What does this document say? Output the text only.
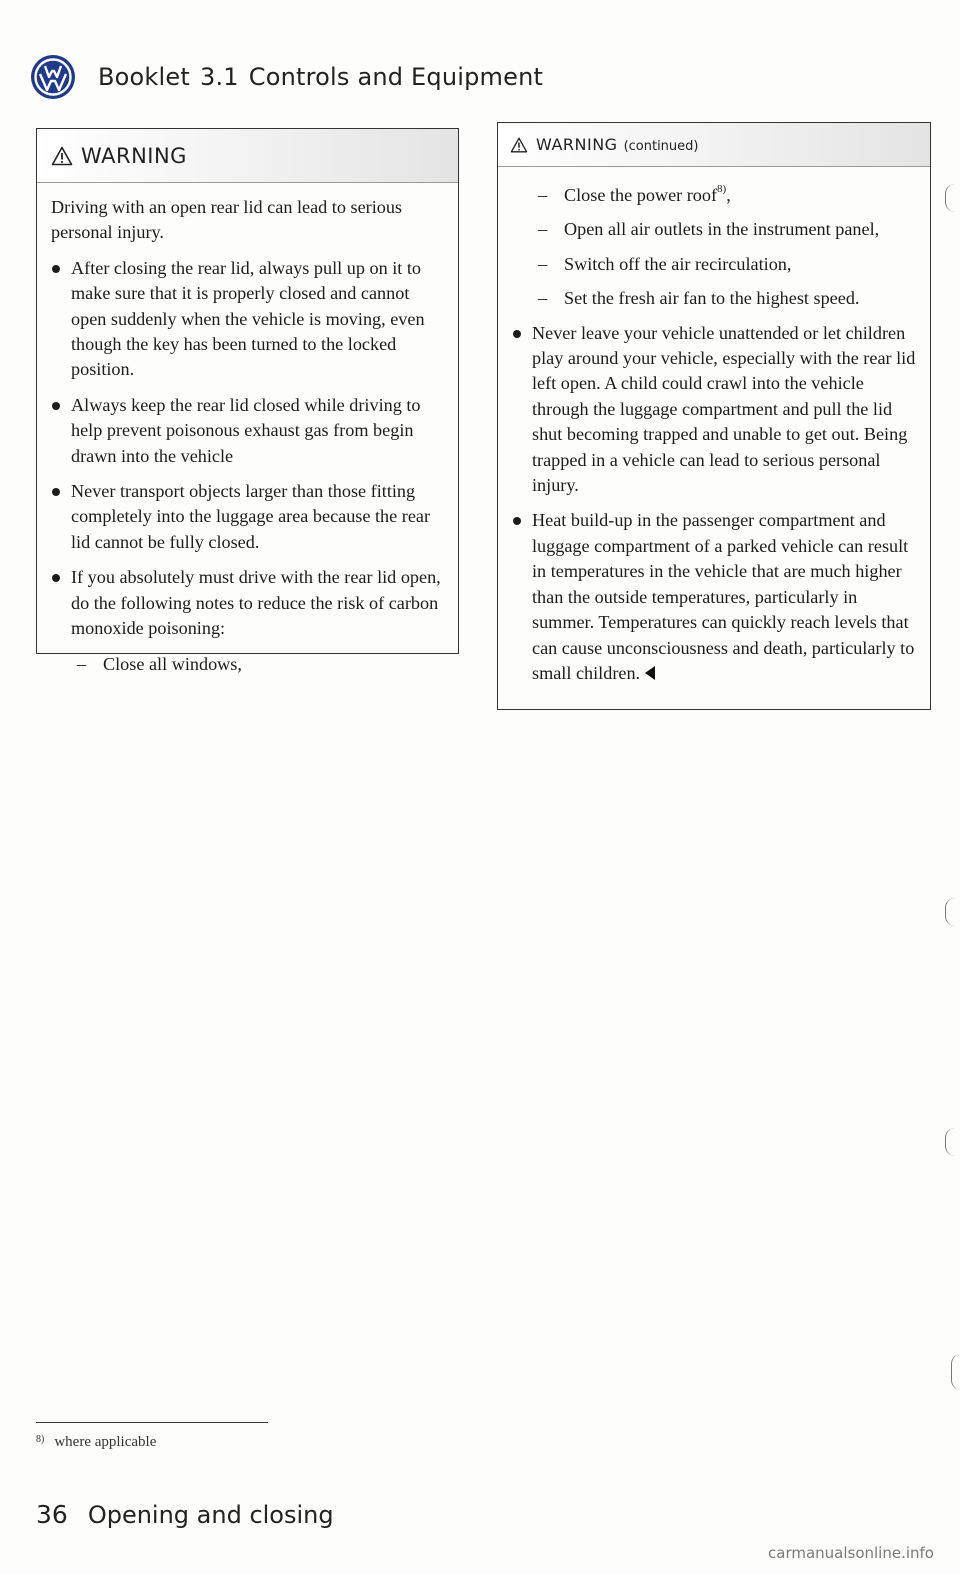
Booklet 3.1 Controls and Equipment
WARNING

Driving with an open rear lid can lead to serious personal injury.

After closing the rear lid, always pull up on it to make sure that it is properly closed and cannot open suddenly when the vehicle is moving, even though the key has been turned to the locked position.

Always keep the rear lid closed while driving to help prevent poisonous exhaust gas from begin drawn into the vehicle

Never transport objects larger than those fitting completely into the luggage area because the rear lid cannot be fully closed.

If you absolutely must drive with the rear lid open, do the following notes to reduce the risk of carbon monoxide poisoning:

– Close all windows,

WARNING (continued)

– Close the power roof$^{8)}$,

– Open all air outlets in the instrument panel,

– Switch off the air recirculation,

– Set the fresh air fan to the highest speed.

Never leave your vehicle unattended or let children play around your vehicle, especially with the rear lid left open. A child could crawl into the vehicle through the luggage compartment and pull the lid shut becoming trapped and unable to get out. Being trapped in a vehicle can lead to serious personal injury.

Heat build-up in the passenger compartment and luggage compartment of a parked vehicle can result in temperatures in the vehicle that are much higher than the outside temperatures, particularly in summer. Temperatures can quickly reach levels that can cause unconsciousness and death, particularly to small children.

8) where applicable
36 Opening and closing
carmanualsonline.info
